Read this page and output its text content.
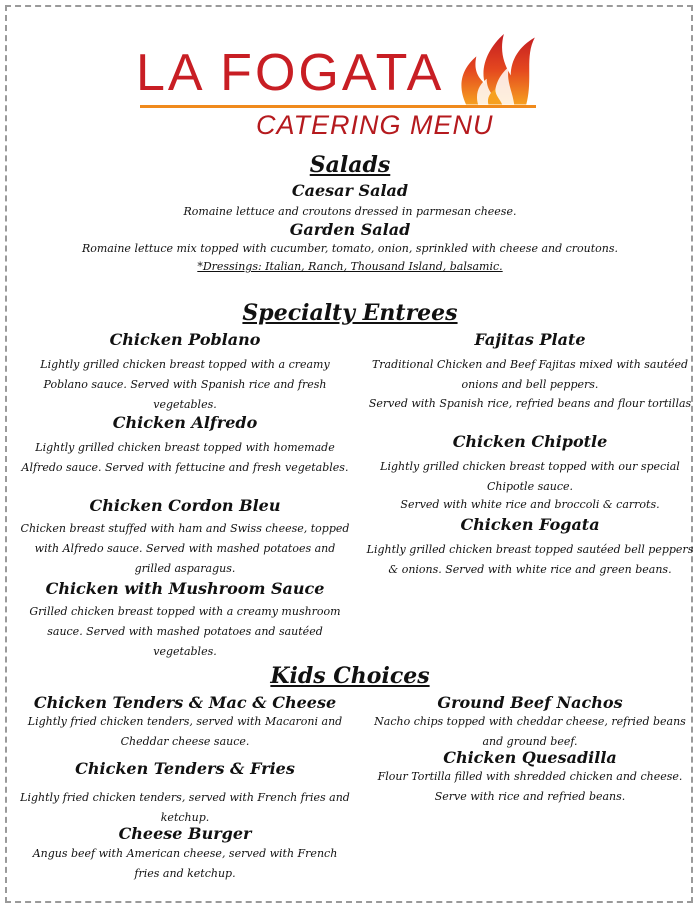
LA FOGATA
CATERING MENU
Salads
Caesar Salad
Romaine lettuce and croutons dressed in parmesan cheese.
Garden Salad
Romaine lettuce mix topped with cucumber, tomato, onion, sprinkled with cheese and croutons.
*Dressings: Italian, Ranch, Thousand Island, balsamic.
Specialty Entrees
Chicken Poblano
Lightly grilled chicken breast topped with a creamy Poblano sauce. Served with Spanish rice and fresh vegetables.
Chicken Alfredo
Lightly grilled chicken breast topped with homemade Alfredo sauce. Served with fettucine and fresh vegetables.
Chicken Cordon Bleu
Chicken breast stuffed with ham and Swiss cheese, topped with Alfredo sauce. Served with mashed potatoes and grilled asparagus.
Chicken with Mushroom Sauce
Grilled chicken breast topped with a creamy mushroom sauce. Served with mashed potatoes and sautéed vegetables.
Fajitas Plate
Traditional Chicken and Beef Fajitas mixed with sautéed onions and bell peppers.
Served with Spanish rice, refried beans and flour tortillas
Chicken Chipotle
Lightly grilled chicken breast topped with our special Chipotle sauce.
Served with white rice and broccoli & carrots.
Chicken Fogata
Lightly grilled chicken breast topped sautéed bell peppers & onions. Served with white rice and green beans.
Kids Choices
Chicken Tenders & Mac & Cheese
Lightly fried chicken tenders, served with Macaroni and Cheddar cheese sauce.
Chicken Tenders & Fries
Lightly fried chicken tenders, served with French fries and ketchup.
Cheese Burger
Angus beef with American cheese, served with French fries and ketchup.
Ground Beef Nachos
Nacho chips topped with cheddar cheese, refried beans and ground beef.
Chicken Quesadilla
Flour Tortilla filled with shredded chicken and cheese. Serve with rice and refried beans.
